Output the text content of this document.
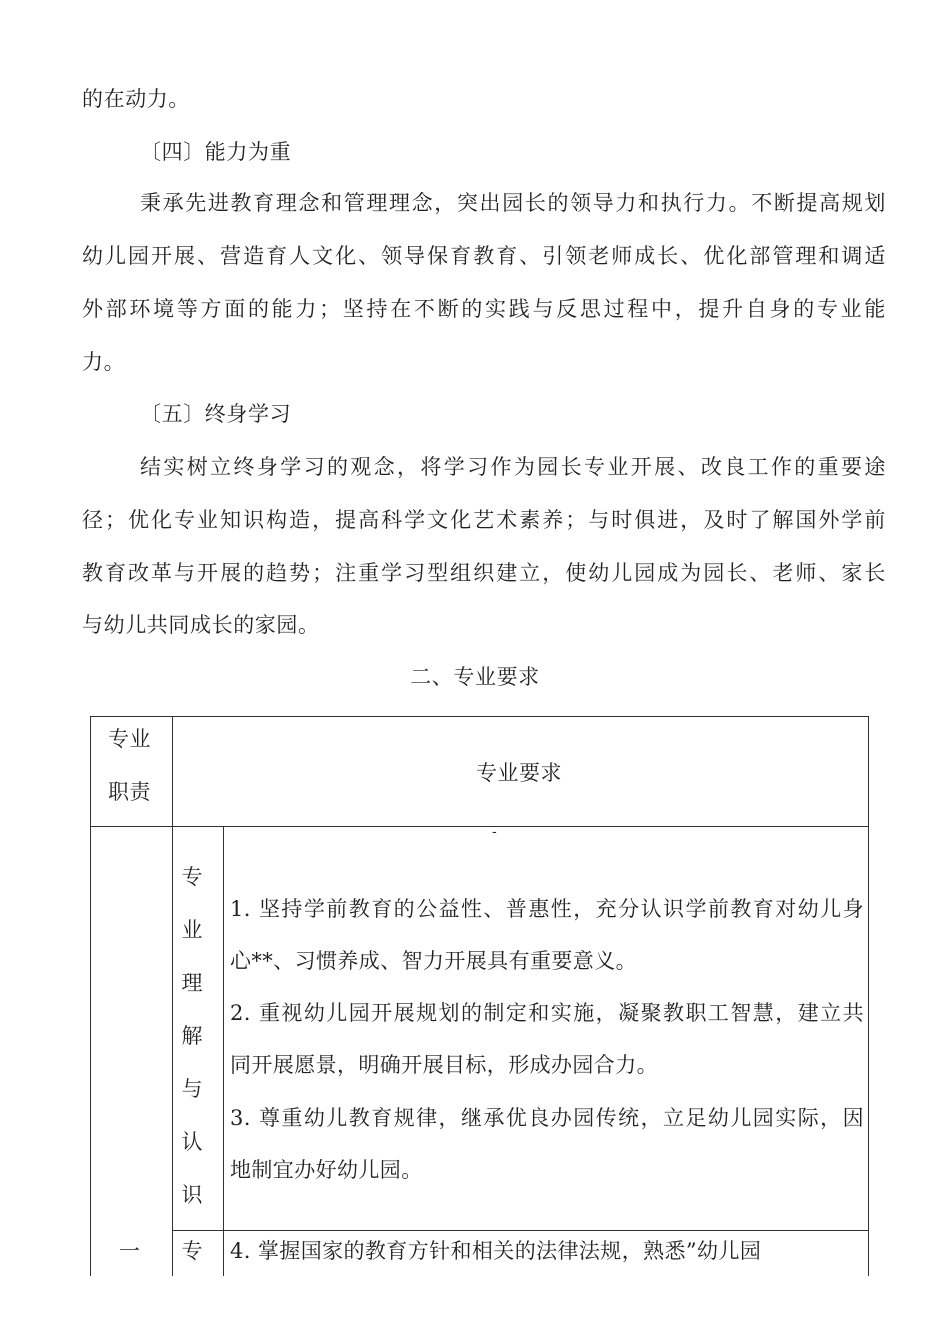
的在动力。
〔四〕能力为重
秉承先进教育理念和管理理念，突出园长的领导力和执行力。不断提高规划
幼儿园开展、营造育人文化、领导保育教育、引领老师成长、优化部管理和调适
外部环境等方面的能力；坚持在不断的实践与反思过程中，提升自身的专业能
力。
〔五〕终身学习
结实树立终身学习的观念，将学习作为园长专业开展、改良工作的重要途
径；优化专业知识构造，提高科学文化艺术素养；与时俱进，及时了解国外学前
教育改革与开展的趋势；注重学习型组织建立，使幼儿园成为园长、老师、家长
与幼儿共同成长的家园。
二、专业要求
专业
职责
专业要求
-
专
业
理
解
与
认
识
1. 坚持学前教育的公益性、普惠性，充分认识学前教育对幼儿身
心**、习惯养成、智力开展具有重要意义。
2. 重视幼儿园开展规划的制定和实施，凝聚教职工智慧，建立共
同开展愿景，明确开展目标，形成办园合力。
3. 尊重幼儿教育规律，继承优良办园传统，立足幼儿园实际，因
地制宜办好幼儿园。
一 专 4. 掌握国家的教育方针和相关的法律法规，熟悉”幼儿园
